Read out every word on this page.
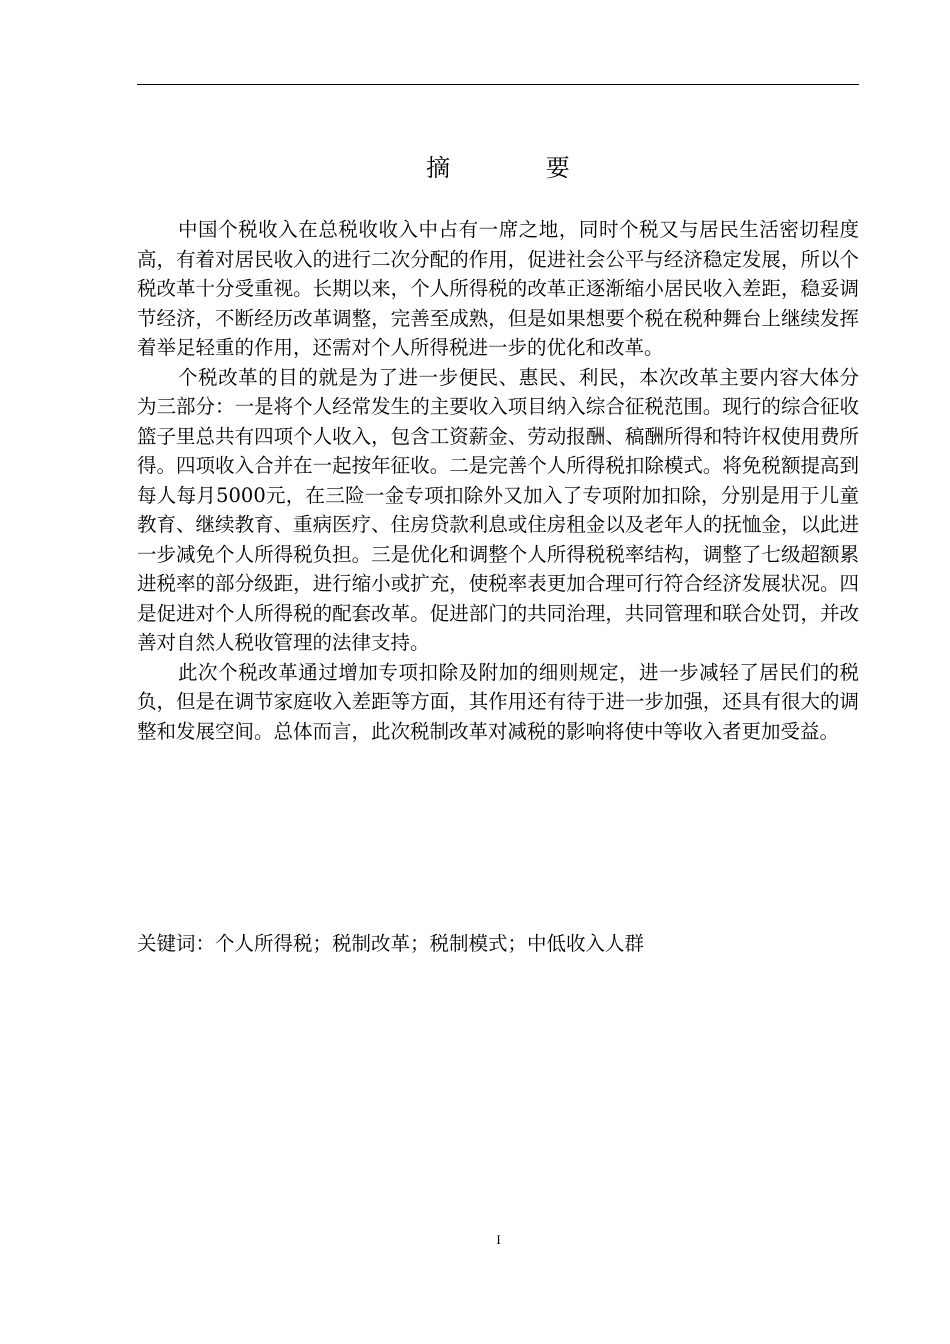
摘 要

中国个税收入在总税收收入中占有一席之地，同时个税又与居民生活密切程度高，有着对居民收入的进行二次分配的作用，促进社会公平与经济稳定发展，所以个税改革十分受重视。长期以来，个人所得税的改革正逐渐缩小居民收入差距，稳妥调节经济，不断经历改革调整，完善至成熟，但是如果想要个税在税种舞台上继续发挥着举足轻重的作用，还需对个人所得税进一步的优化和改革。

个税改革的目的就是为了进一步便民、惠民、利民，本次改革主要内容大体分为三部分：一是将个人经常发生的主要收入项目纳入综合征税范围。现行的综合征收篮子里总共有四项个人收入，包含工资薪金、劳动报酬、稿酬所得和特许权使用费所得。四项收入合并在一起按年征收。二是完善个人所得税扣除模式。将免税额提高到每人每月5000元，在三险一金专项扣除外又加入了专项附加扣除，分别是用于儿童教育、继续教育、重病医疗、住房贷款利息或住房租金以及老年人的抚恤金，以此进一步减免个人所得税负担。三是优化和调整个人所得税税率结构，调整了七级超额累进税率的部分级距，进行缩小或扩充，使税率表更加合理可行符合经济发展状况。四是促进对个人所得税的配套改革。促进部门的共同治理，共同管理和联合处罚，并改善对自然人税收管理的法律支持。

此次个税改革通过增加专项扣除及附加的细则规定，进一步减轻了居民们的税负，但是在调节家庭收入差距等方面，其作用还有待于进一步加强，还具有很大的调整和发展空间。总体而言，此次税制改革对减税的影响将使中等收入者更加受益。

关键词：个人所得税；税制改革；税制模式；中低收入人群
I
